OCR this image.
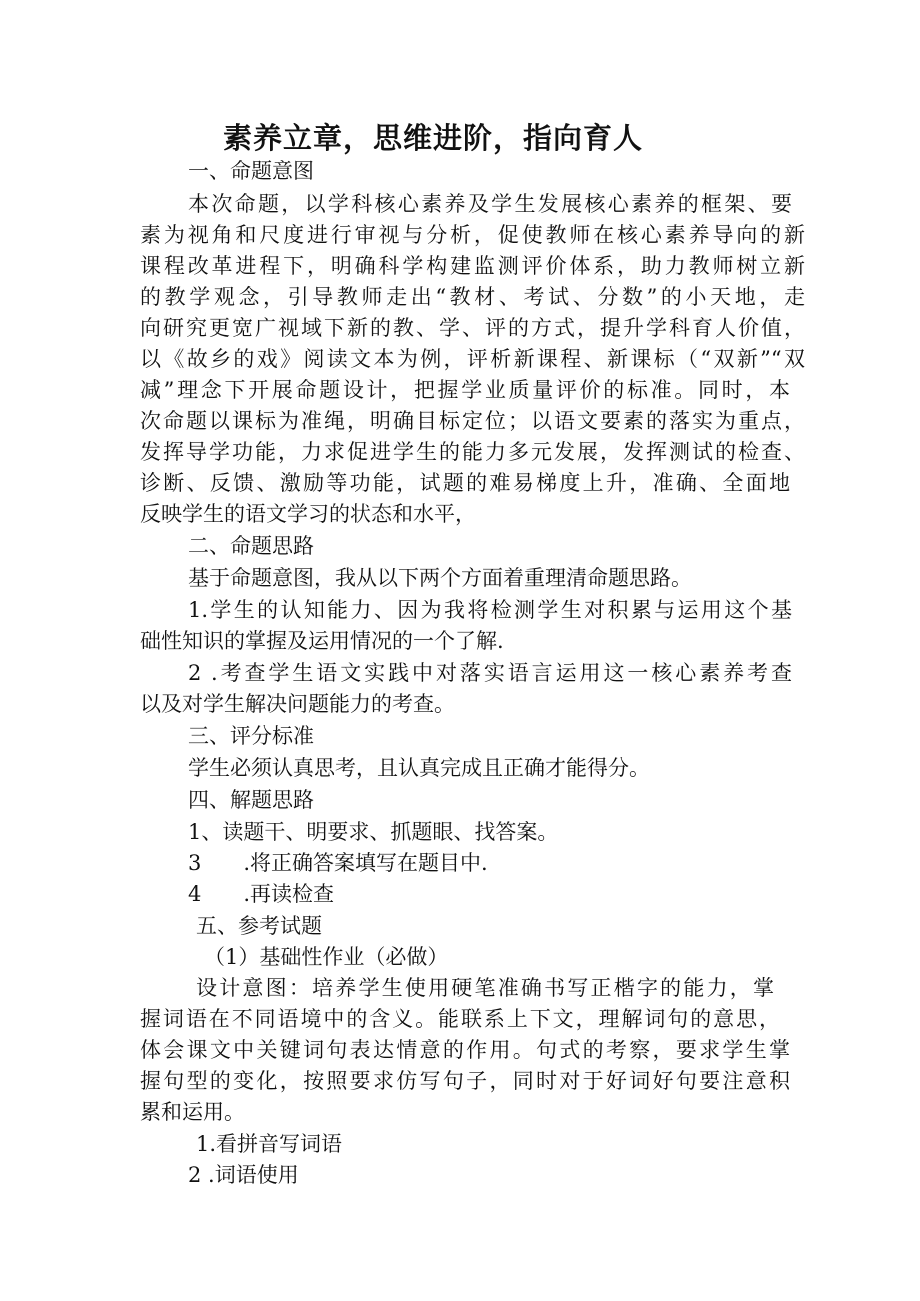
素养立章，思维进阶，指向育人
一、命题意图
本次命题，以学科核心素养及学生发展核心素养的框架、要
素为视角和尺度进行审视与分析，促使教师在核心素养导向的新
课程改革进程下，明确科学构建监测评价体系，助力教师树立新
的教学观念，引导教师走出“教材、考试、分数”的小天地，走
向研究更宽广视域下新的教、学、评的方式，提升学科育人价值，
以《故乡的戏》阅读文本为例，评析新课程、新课标（“双新”“双
减”理念下开展命题设计，把握学业质量评价的标准。同时，本
次命题以课标为准绳，明确目标定位；以语文要素的落实为重点，
发挥导学功能，力求促进学生的能力多元发展，发挥测试的检查、
诊断、反馈、激励等功能，试题的难易梯度上升，准确、全面地
反映学生的语文学习的状态和水平，
二、命题思路
基于命题意图，我从以下两个方面着重理清命题思路。
1.学生的认知能力、因为我将检测学生对积累与运用这个基
础性知识的掌握及运用情况的一个了解.
2 .考查学生语文实践中对落实语言运用这一核心素养考查
以及对学生解决问题能力的考查。
三、评分标准
学生必须认真思考，且认真完成且正确才能得分。
四、解题思路
1、读题干、明要求、抓题眼、找答案。
3　　.将正确答案填写在题目中.
4　　.再读检查
五、参考试题
（1）基础性作业（必做）
设计意图：培养学生使用硬笔准确书写正楷字的能力，掌
握词语在不同语境中的含义。能联系上下文，理解词句的意思，
体会课文中关键词句表达情意的作用。句式的考察，要求学生掌
握句型的变化，按照要求仿写句子，同时对于好词好句要注意积
累和运用。
1.看拼音写词语
2 .词语使用
